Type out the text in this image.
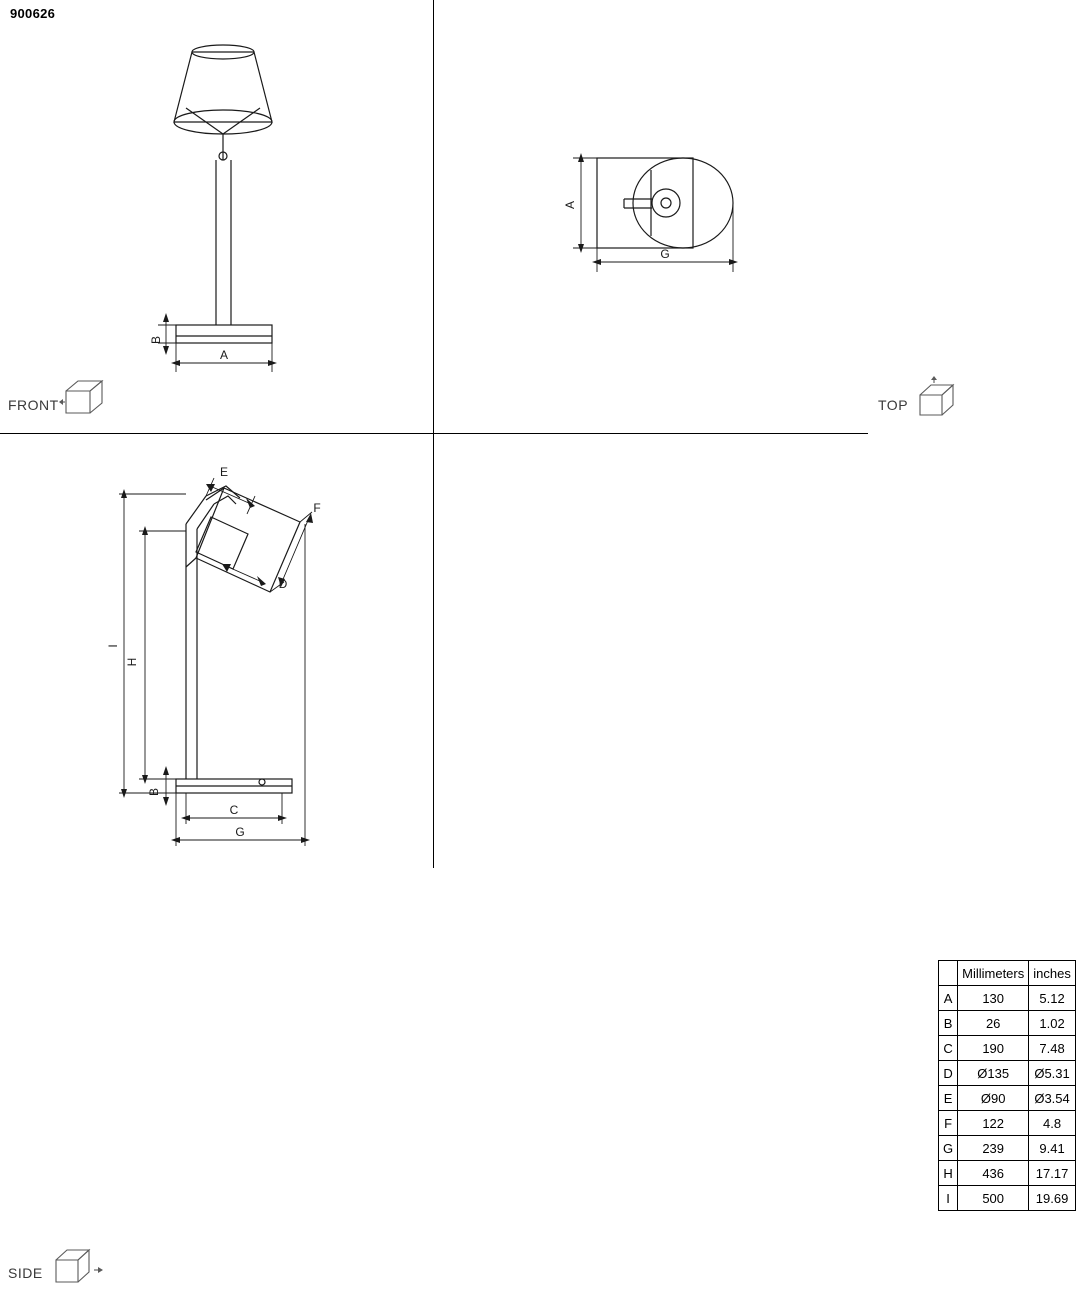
900626
B
A
FRONT
A
G
TOP
E
F
D
I
H
B
C
G
SIDE
	Millimeters	inches
A	130	5.12
B	26	1.02
C	190	7.48
D	Ø135	Ø5.31
E	Ø90	Ø3.54
F	122	4.8
G	239	9.41
H	436	17.17
I	500	19.69
